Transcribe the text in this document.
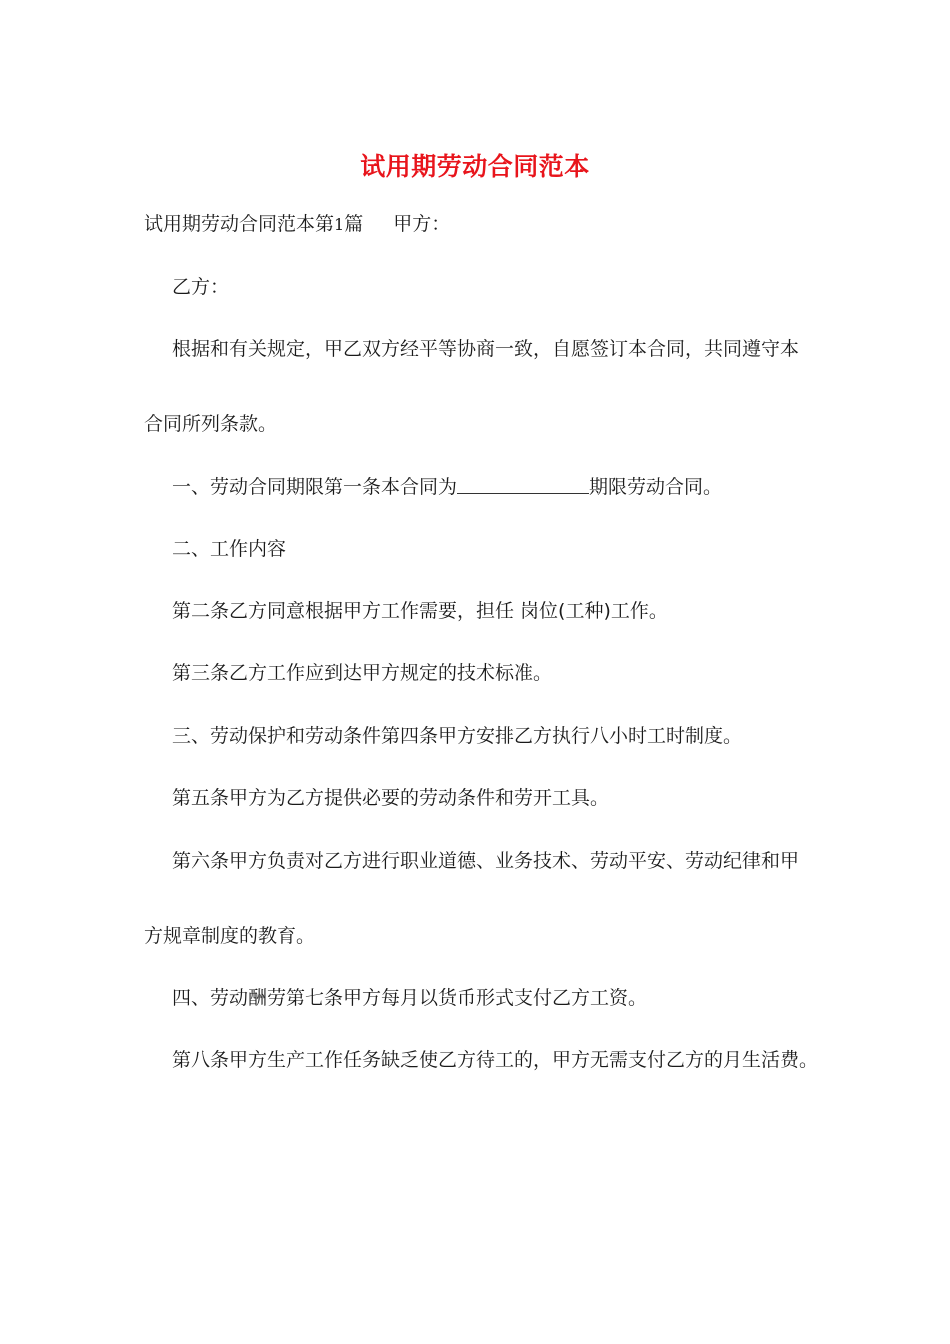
试用期劳动合同范本
试用期劳动合同范本第1篇 甲方：
乙方：
根据和有关规定，甲乙双方经平等协商一致，自愿签订本合同，共同遵守本
合同所列条款。
一、劳动合同期限第一条本合同为	期限劳动合同。
二、工作内容
第二条乙方同意根据甲方工作需要，担任 岗位(工种)工作。
第三条乙方工作应到达甲方规定的技术标准。
三、劳动保护和劳动条件第四条甲方安排乙方执行八小时工时制度。
第五条甲方为乙方提供必要的劳动条件和劳开工具。
第六条甲方负责对乙方进行职业道德、业务技术、劳动平安、劳动纪律和甲
方规章制度的教育。
四、劳动酬劳第七条甲方每月以货币形式支付乙方工资。
第八条甲方生产工作任务缺乏使乙方待工的，甲方无需支付乙方的月生活费。
